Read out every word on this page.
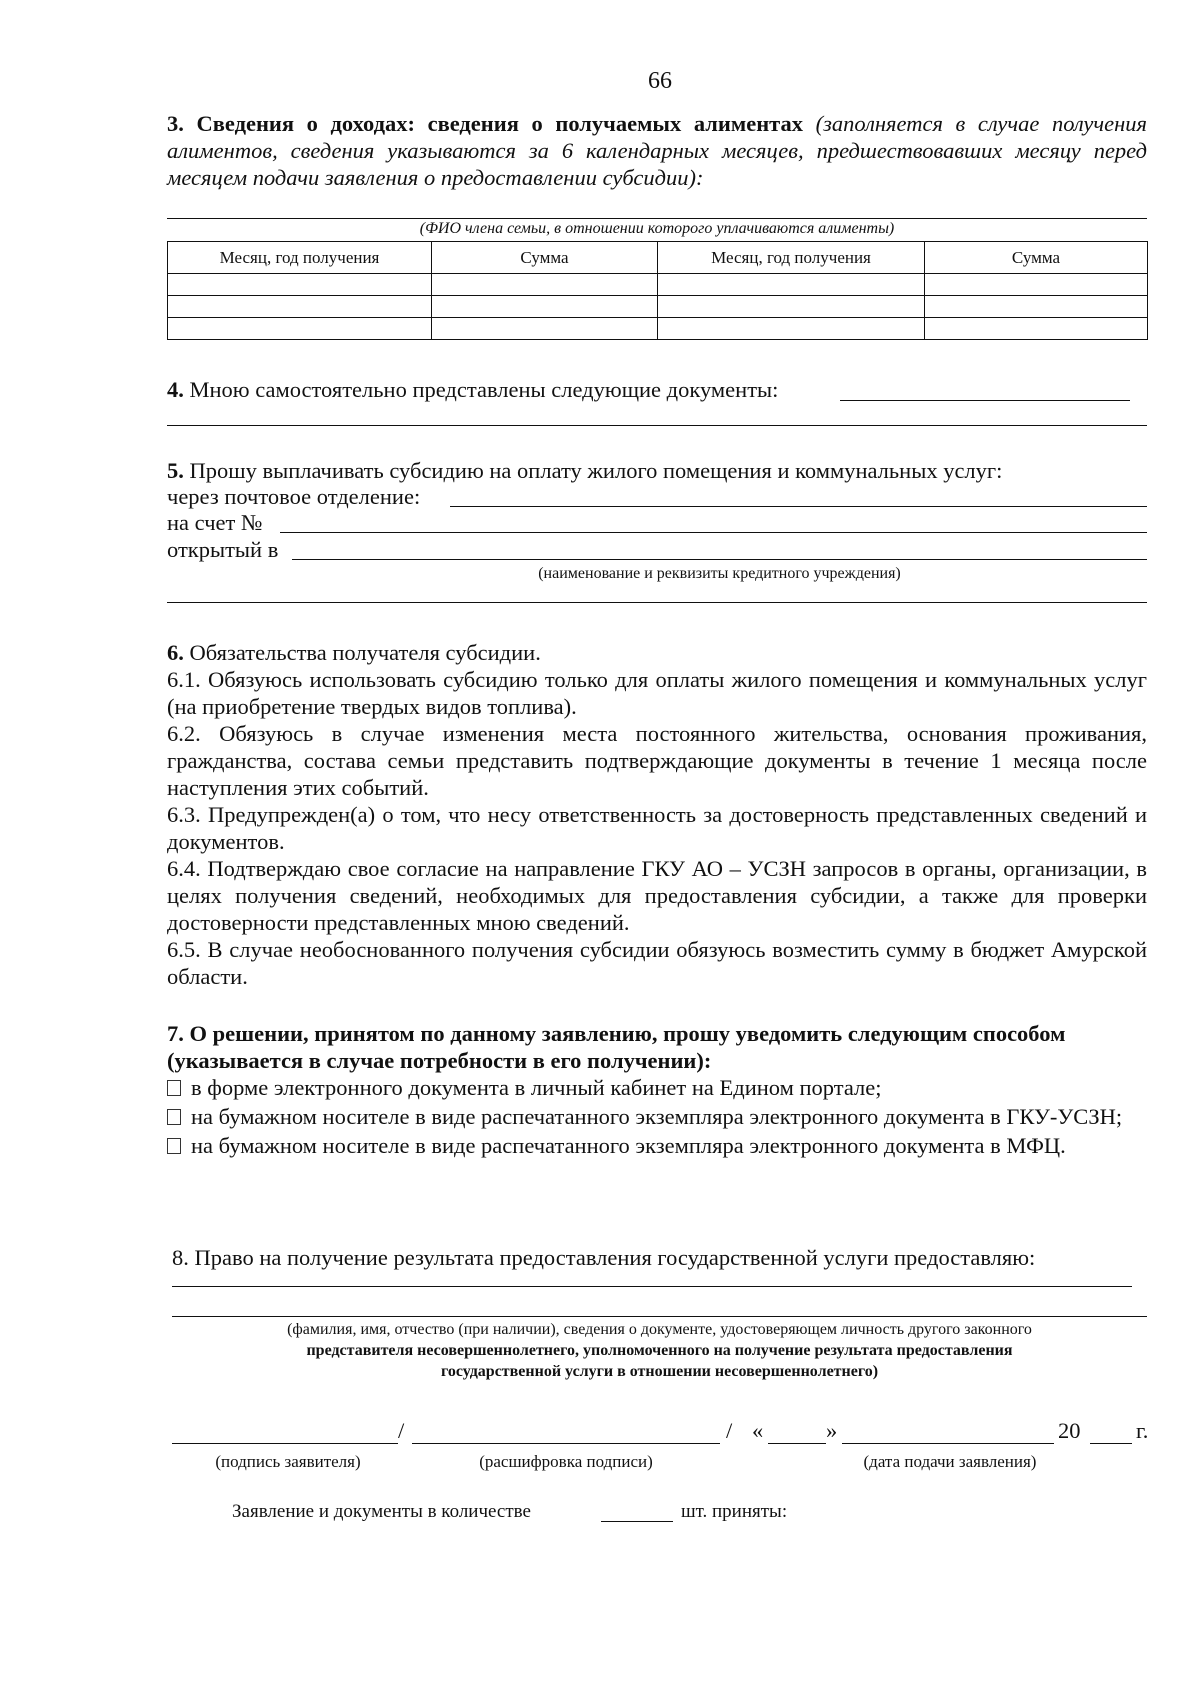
66
3. Сведения о доходах: сведения о получаемых алиментах (заполняется в случае получения алиментов, сведения указываются за 6 календарных месяцев, предшествовавших месяцу перед месяцем подачи заявления о предоставлении субсидии):
(ФИО члена семьи, в отношении которого уплачиваются алименты)
Месяц, год получения	Сумма	Месяц, год получения	Сумма

4. Мною самостоятельно представлены следующие документы:
5. Прошу выплачивать субсидию на оплату жилого помещения и коммунальных услуг:
через почтовое отделение:
на счет №
открытый в
(наименование и реквизиты кредитного учреждения)
6. Обязательства получателя субсидии.
6.1. Обязуюсь использовать субсидию только для оплаты жилого помещения и коммунальных услуг (на приобретение твердых видов топлива).
6.2. Обязуюсь в случае изменения места постоянного жительства, основания проживания, гражданства, состава семьи представить подтверждающие документы в течение 1 месяца после наступления этих событий.
6.3. Предупрежден(а) о том, что несу ответственность за достоверность представленных сведений и документов.
6.4. Подтверждаю свое согласие на направление ГКУ АО – УСЗН запросов в органы, организации, в целях получения сведений, необходимых для предоставления субсидии, а также для проверки достоверности представленных мною сведений.
6.5. В случае необоснованного получения субсидии обязуюсь возместить сумму в бюджет Амурской области.
7. О решении, принятом по данному заявлению, прошу уведомить следующим способом (указывается в случае потребности в его получении):
в форме электронного документа в личный кабинет на Едином портале;
на бумажном носителе в виде распечатанного экземпляра электронного документа в ГКУ-УСЗН;
на бумажном носителе в виде распечатанного экземпляра электронного документа в МФЦ.
8. Право на получение результата предоставления государственной услуги предоставляю:
(фамилия, имя, отчество (при наличии), сведения о документе, удостоверяющем личность другого законного
представителя несовершеннолетнего, уполномоченного на получение результата предоставления
государственной услуги в отношении несовершеннолетнего)
/	/ «	»	20 г.
(подпись заявителя)	(расшифровка подписи)	(дата подачи заявления)
Заявление и документы в количестве	шт. приняты:
